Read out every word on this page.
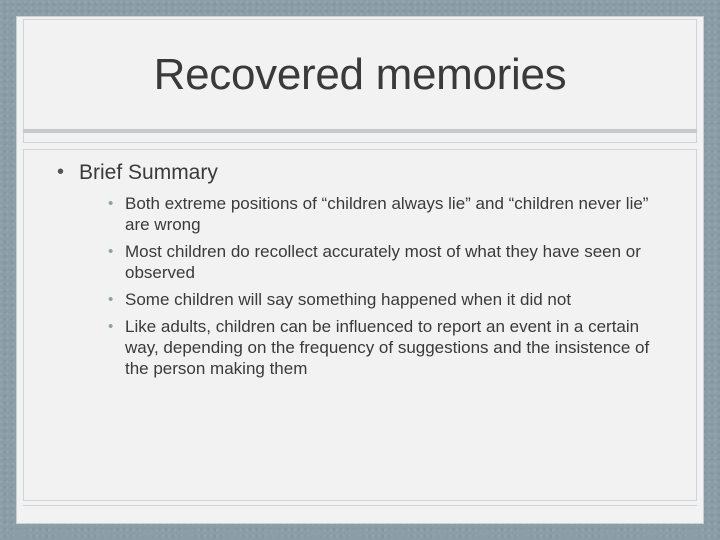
Recovered memories
• Brief Summary
• Both extreme positions of “children always lie” and “children never lie” are wrong
• Most children do recollect accurately most of what they have seen or observed
• Some children will say something happened when it did not
• Like adults, children can be influenced to report an event in a certain way, depending on the frequency of suggestions and the insistence of the person making them
